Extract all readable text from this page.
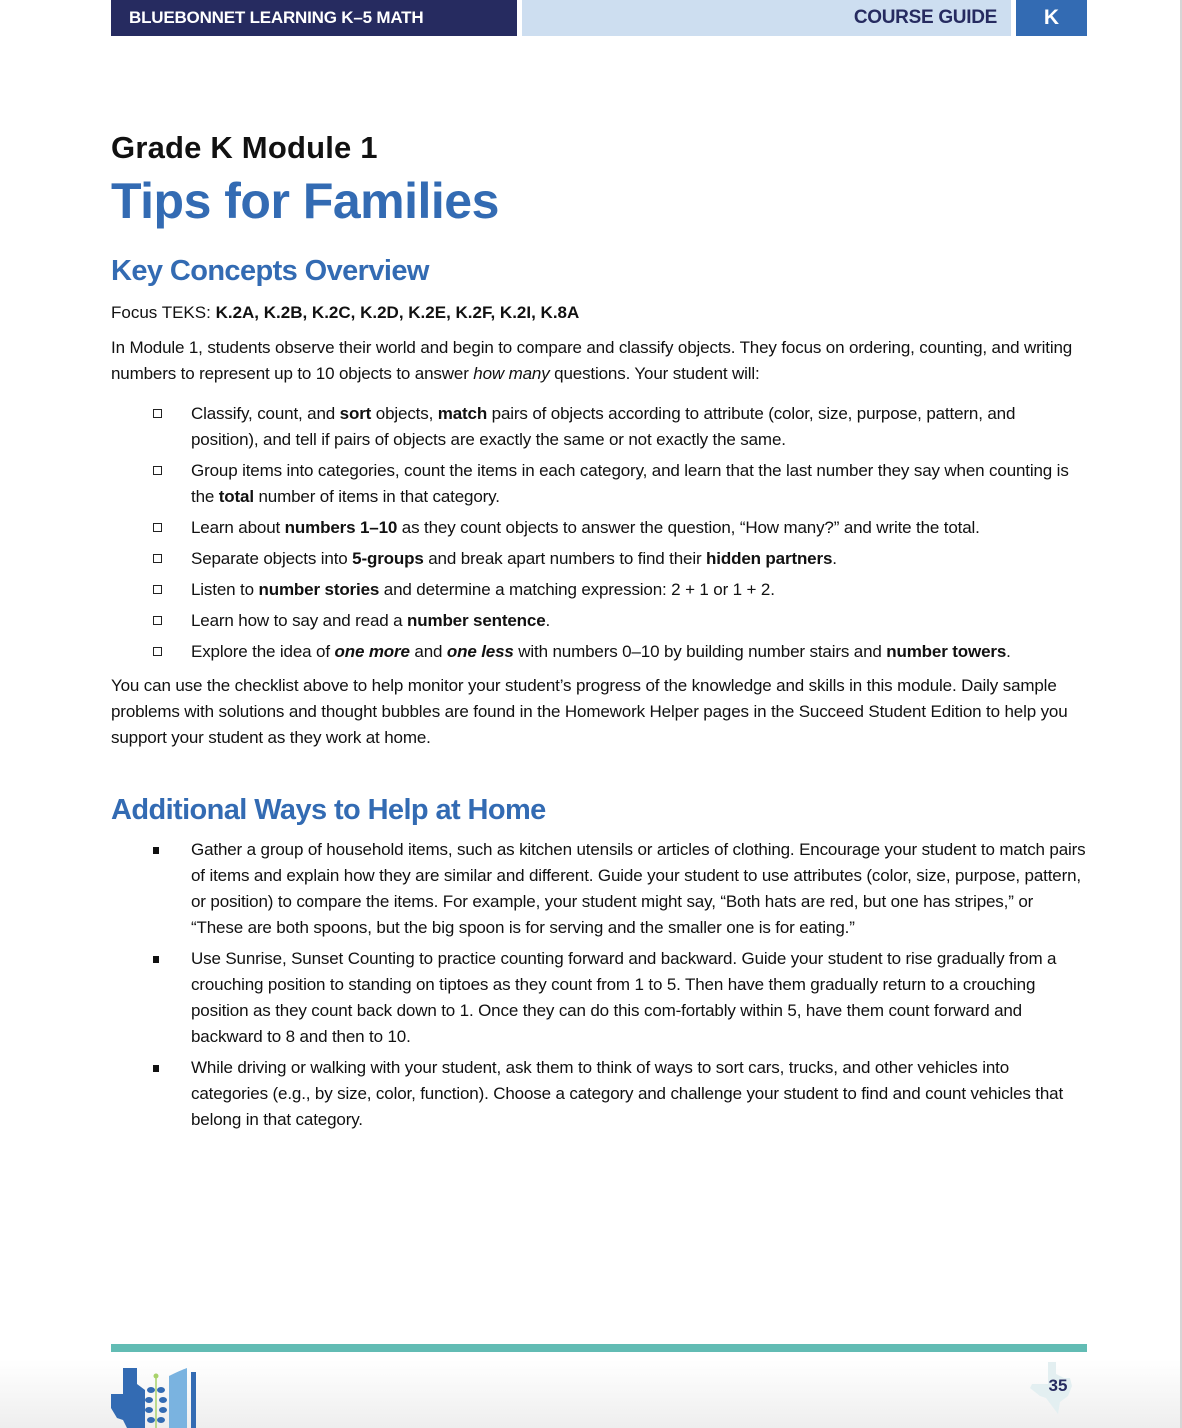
BLUEBONNET LEARNING K–5 MATH	COURSE GUIDE	K
Grade K Module 1
Tips for Families
Key Concepts Overview
Focus TEKS: K.2A, K.2B, K.2C, K.2D, K.2E, K.2F, K.2I, K.8A

In Module 1, students observe their world and begin to compare and classify objects. They focus on ordering, counting, and writing numbers to represent up to 10 objects to answer how many questions. Your student will:

Classify, count, and sort objects, match pairs of objects according to attribute (color, size, purpose, pattern, and position), and tell if pairs of objects are exactly the same or not exactly the same.
Group items into categories, count the items in each category, and learn that the last number they say when counting is the total number of items in that category.
Learn about numbers 1–10 as they count objects to answer the question, “How many?” and write the total.
Separate objects into 5-groups and break apart numbers to find their hidden partners.
Listen to number stories and determine a matching expression: 2 + 1 or 1 + 2.
Learn how to say and read a number sentence.
Explore the idea of one more and one less with numbers 0–10 by building number stairs and number towers.

You can use the checklist above to help monitor your student’s progress of the knowledge and skills in this module. Daily sample problems with solutions and thought bubbles are found in the Homework Helper pages in the Succeed Student Edition to help you support your student as they work at home.

Additional Ways to Help at Home
Gather a group of household items, such as kitchen utensils or articles of clothing. Encourage your student to match pairs of items and explain how they are similar and different. Guide your student to use attributes (color, size, purpose, pattern, or position) to compare the items. For example, your student might say, “Both hats are red, but one has stripes,” or “These are both spoons, but the big spoon is for serving and the smaller one is for eating.”
Use Sunrise, Sunset Counting to practice counting forward and backward. Guide your student to rise gradually from a crouching position to standing on tiptoes as they count from 1 to 5. Then have them gradually return to a crouching position as they count back down to 1. Once they can do this com-fortably within 5, have them count forward and backward to 8 and then to 10.
While driving or walking with your student, ask them to think of ways to sort cars, trucks, and other vehicles into categories (e.g., by size, color, function). Choose a category and challenge your student to find and count vehicles that belong in that category.
35
